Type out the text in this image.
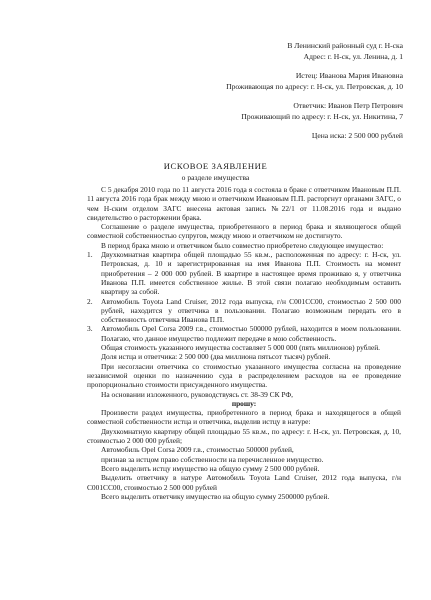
В Ленинский районный суд г. Н-ска
Адрес: г. Н-ск, ул. Ленина, д. 1
Истец: Иванова Мария Ивановна
Проживающая по адресу: г. Н-ск, ул. Петровская, д. 10
Ответчик: Иванов Петр Петрович
Проживающий по адресу: г. Н-ск, ул. Никитина, 7
Цена иска: 2 500 000 рублей
ИСКОВОЕ ЗАЯВЛЕНИЕ
о разделе имущества

С 5 декабря 2010 года по 11 августа 2016 года я состояла в браке с ответчиком Ивановым П.П. 11 августа 2016 года брак между мною и ответчиком Ивановым П.П. расторгнут органами ЗАГС, о чем Н-ским отделом ЗАГС внесена актовая запись №22/1 от 11.08.2016 года и выдано свидетельство о расторжении брака.

Соглашение о разделе имущества, приобретенного в период брака и являющегося общей совместной собственностью супругов, между мною и ответчиком не достигнуто.

В период брака мною и ответчиком было совместно приобретено следующее имущество:

1.	Двухкомнатная квартира общей площадью 55 кв.м., расположенная по адресу: г. Н-ск, ул. Петровская, д. 10 и зарегистрированная на имя Иванова П.П. Стоимость на момент приобретения – 2 000 000 рублей. В квартире в настоящее время проживаю я, у ответчика Иванова П.П. имеется собственное жилье. В этой связи полагаю необходимым оставить квартиру за собой.
2.	Автомобиль Toyota Land Cruiser, 2012 года выпуска, г/н С001СС00, стоимостью 2 500 000 рублей, находится у ответчика в пользовании. Полагаю возможным передать его в собственность ответчика Иванова П.П.
3.	Автомобиль Opel Corsa 2009 г.в., стоимостью 500000 рублей, находится в моем пользовании. Полагаю, что данное имущество подлежит передаче в мою собственность.

Общая стоимость указанного имущества составляет 5 000 000 (пять миллионов) рублей.

Доля истца и ответчика: 2 500 000 (два миллиона пятьсот тысяч) рублей.

При несогласии ответчика со стоимостью указанного имущества согласна на проведение независимой оценки по назначению суда в распределением расходов на ее проведение пропорционально стоимости присужденного имущества.

На основании изложенного, руководствуясь ст. 38-39 СК РФ,

прошу:

Произвести раздел имущества, приобретенного в период брака и находящегося в общей совместной собственности истца и ответчика, выделив истцу в натуре:

Двухкомнатную квартиру общей площадью 55 кв.м., по адресу: г. Н-ск, ул. Петровская, д. 10, стоимостью 2 000 000 рублей;

Автомобиль Opel Corsa 2009 г.в., стоимостью 500000 рублей,

признав за истцом право собственности на перечисленное имущество.

Всего выделить истцу имущество на общую сумму 2 500 000 рублей.

Выделить ответчику в натуре Автомобиль Toyota Land Cruiser, 2012 года выпуска, г/н С001СС00, стоимостью 2 500 000 рублей

Всего выделить ответчику имущество на общую сумму 2500000 рублей.
